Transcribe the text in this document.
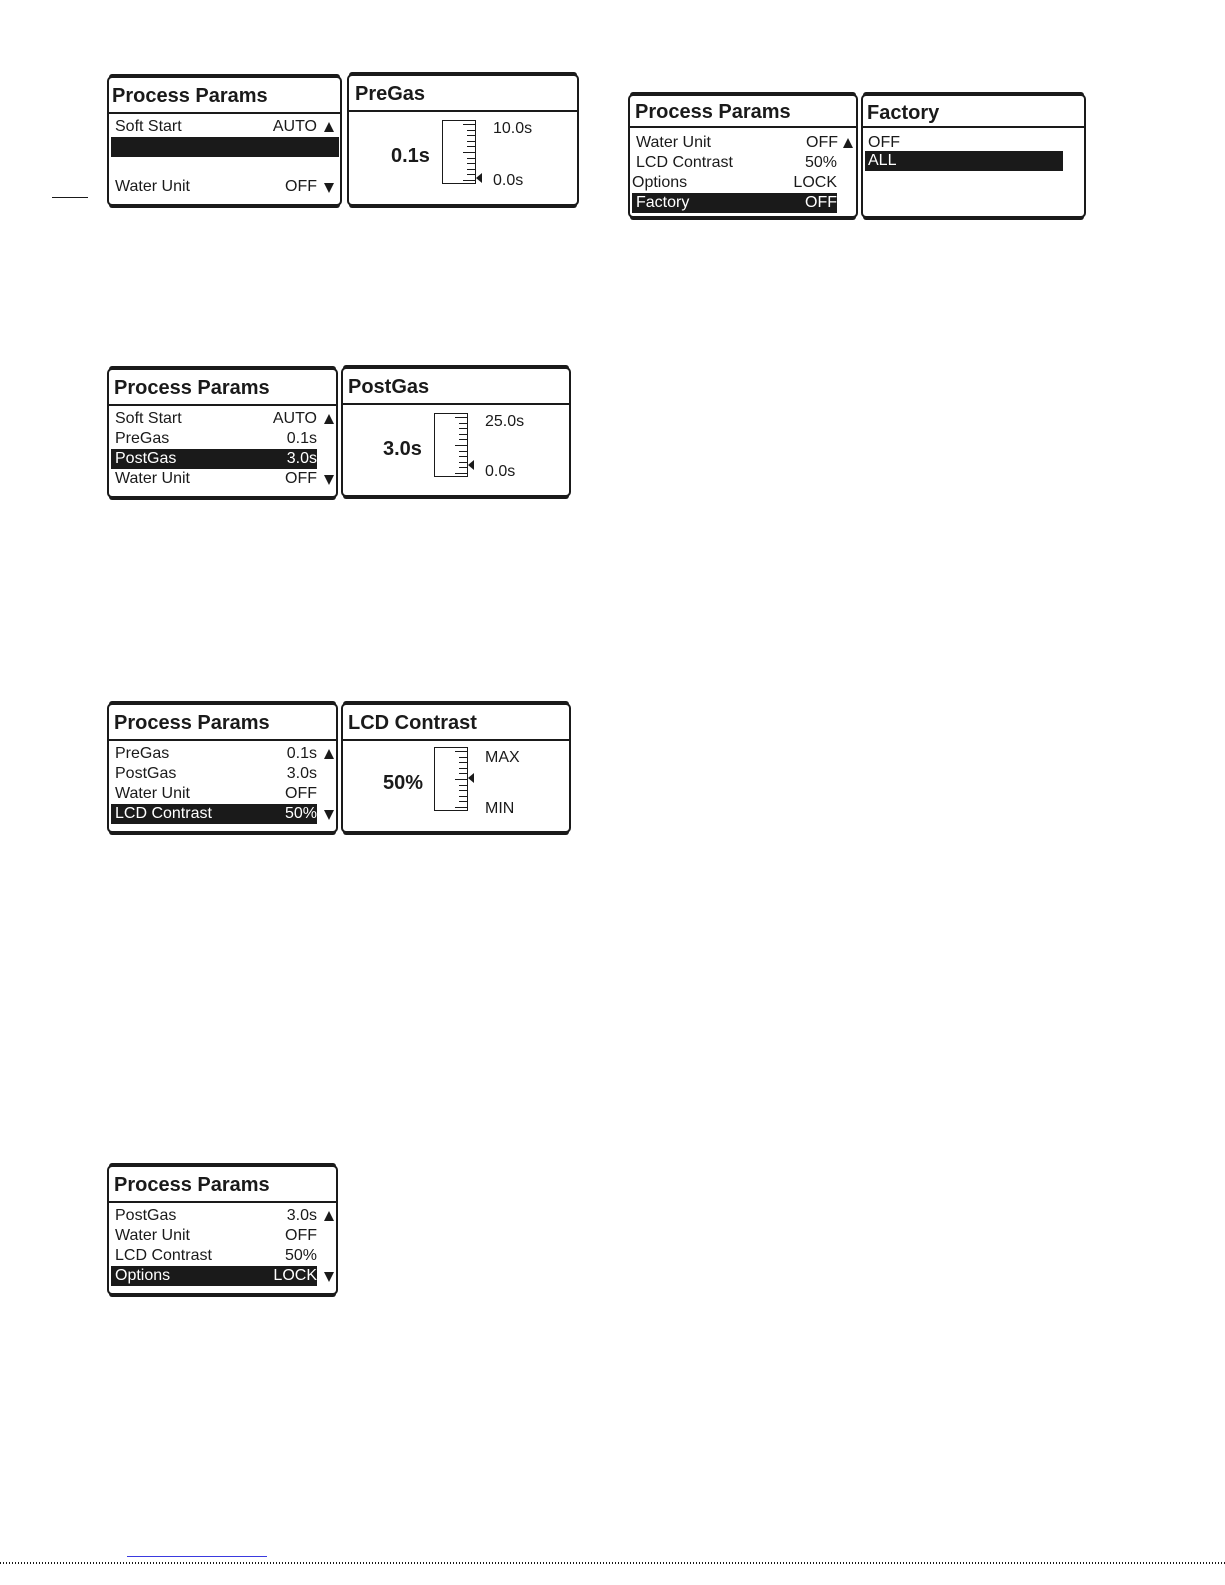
Process Params
Soft Start	AUTO
Water Unit	OFF
PreGas
0.1s
10.0s
0.0s
Process Params
Soft Start	AUTO
PreGas	0.1s
PostGas	3.0s
Water Unit	OFF
PostGas
3.0s
25.0s
0.0s
Process Params
PreGas	0.1s
PostGas	3.0s
Water Unit	OFF
LCD Contrast	50%
LCD Contrast
50%
MAX
MIN
Process Params
PostGas	3.0s
Water Unit	OFF
LCD Contrast	50%
Options	LOCK
Process Params
Water Unit	OFF
LCD Contrast	50%
Options	LOCK
Factory	OFF
Factory
OFF
ALL
